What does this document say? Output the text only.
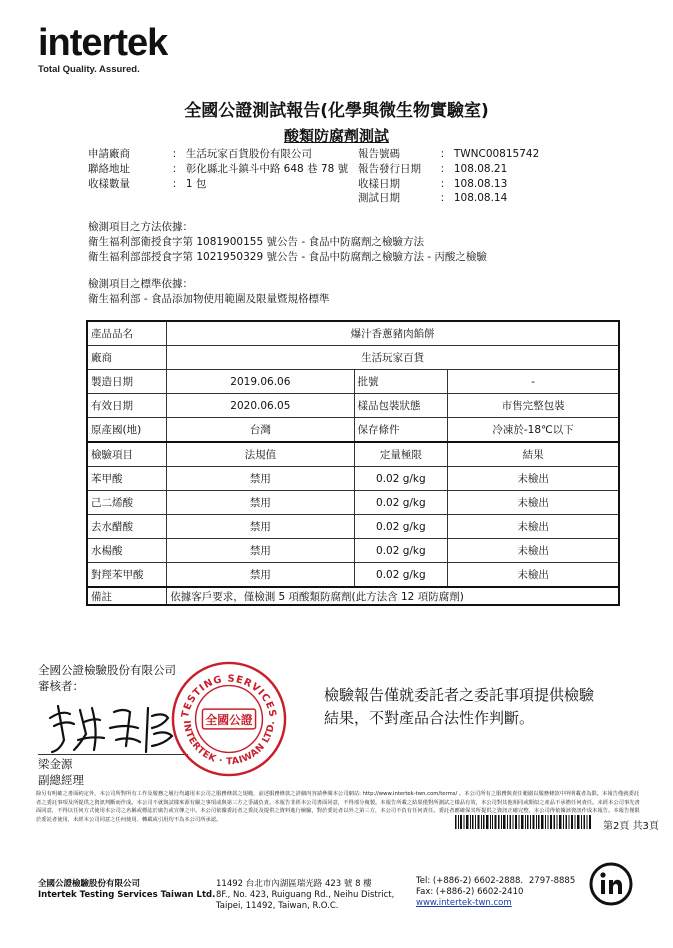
intertek
Total Quality. Assured.
全國公證測試報告(化學與微生物實驗室)
酸類防腐劑測試
申請廠商	： 生活玩家百貨股份有限公司
聯絡地址	： 彰化縣北斗鎮斗中路 648 巷 78 號
收樣數量	： 1 包
報告號碼	： TWNC00815742
報告發行日期 ： 108.08.21
收樣日期	： 108.08.13
測試日期	： 108.08.14
檢測項目之方法依據：
衛生福利部衛授食字第 1081900155 號公告 - 食品中防腐劑之檢驗方法
衛生福利部部授食字第 1021950329 號公告 - 食品中防腐劑之檢驗方法 - 丙酸之檢驗
檢測項目之標準依據：
衛生福利部 - 食品添加物使用範圍及限量暨規格標準
產品品名	爆汁香蔥豬肉餡餅		
廠商	生活玩家百貨		
製造日期	2019.06.06	批號	-
有效日期	2020.06.05	樣品包裝狀態	市售完整包裝
原產國(地)	台灣	保存條件	冷凍於-18℃以下
檢驗項目	法規值	定量極限	結果
苯甲酸	禁用	0.02 g/kg	未檢出
己二烯酸	禁用	0.02 g/kg	未檢出
去水醋酸	禁用	0.02 g/kg	未檢出
水楊酸	禁用	0.02 g/kg	未檢出
對羥苯甲酸	禁用	0.02 g/kg	未檢出
備註	依據客戶要求，僅檢測 5 項酸類防腐劑(此方法含 12 項防腐劑)		
全國公證檢驗股份有限公司
審核者：
梁金源
副總經理
TESTING SERVICES
INTERTEK · TAIWAN LTD.
全國公證
檢驗報告僅就委託者之委託事項提供檢驗
結果，不對產品合法性作判斷。
除另有明確之書面約定外，本公司所對所有工作及服務之履行均適用本公司之服務條款之規範，前述服務條款之詳細內容請參閱本公司網站: http://www.intertek-twn.com/terms/ 。本公司所有之服務與責任範圍以服務條款中所明載者為限。本報告僅就委託者之委託事項及所提供之資訊判斷而作成。本公司不就與試樣來源有關之事項或與第三方之爭議負責。本報告非經本公司書面同意，不得部分複製。本報告所載之結果僅對所測試之樣品有效，本公司對其他相同或類似之產品不承擔任何責任。未經本公司事先書面同意，不得以任何方式使用本公司之名稱或標誌於廣告或宣傳之中。本公司依據委託者之委託及提供之資料進行檢驗，對於委託者以外之第三方，本公司不負有任何責任。委託者應確保其所提供之資訊正確完整，本公司得依據該資訊作成本報告。本報告僅限於委託者使用，未經本公司同意之任何使用、轉載或引用均不為本公司所承認。
第2頁 共3頁
全國公證檢驗股份有限公司
Intertek Testing Services Taiwan Ltd.
11492 台北市內湖區瑞光路 423 號 8 樓
8F., No. 423, Ruiguang Rd., Neihu District,
Taipei, 11492, Taiwan, R.O.C.
Tel: (+886-2) 6602-2888．2797-8885
Fax: (+886-2) 6602-2410
www.intertek-twn.com
